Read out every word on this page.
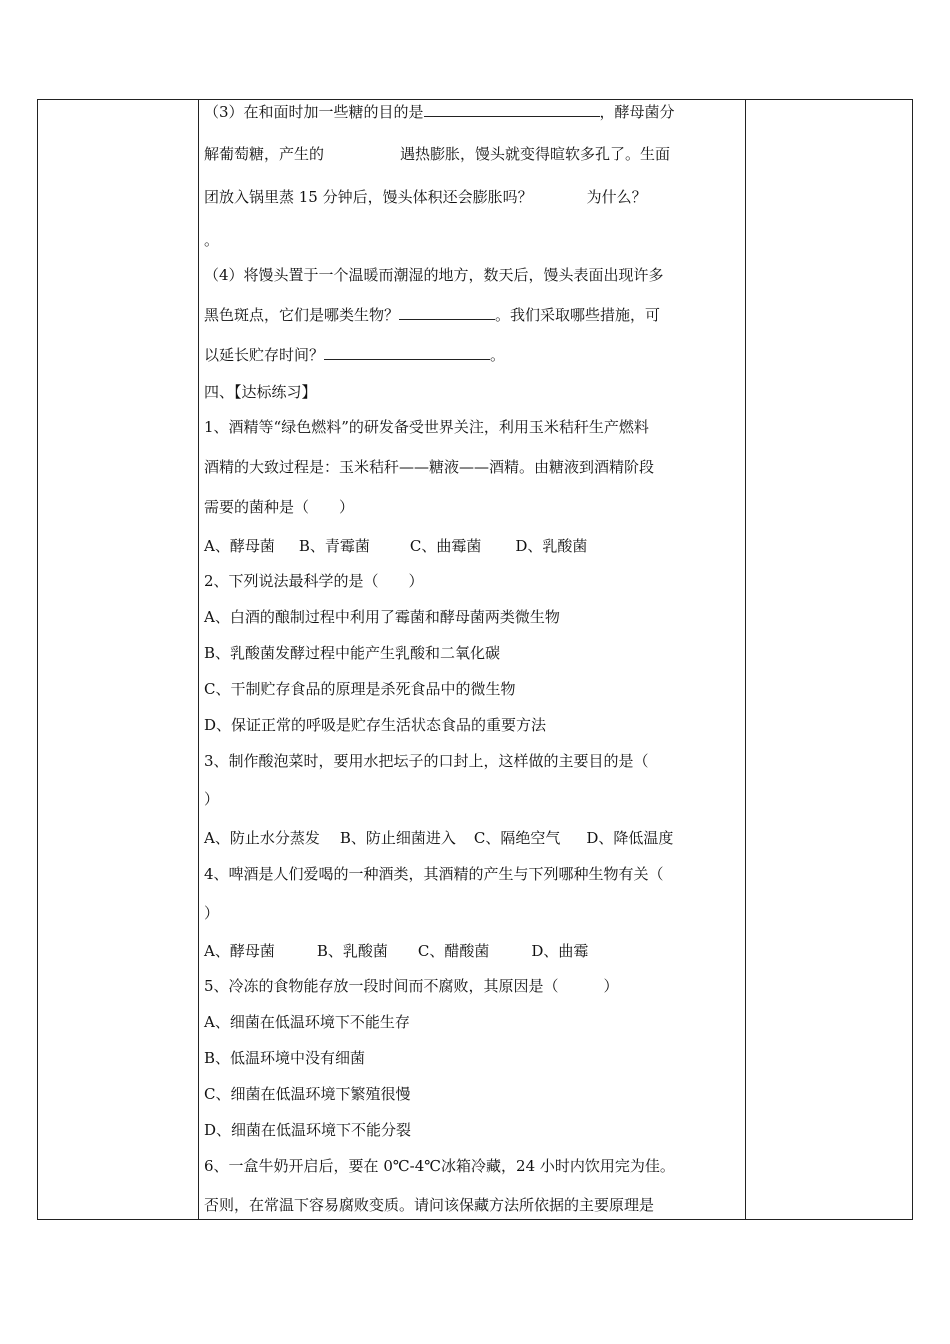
（3）在和面时加一些糖的目的是	，酵母菌分
解葡萄糖，产生的	遇热膨胀，馒头就变得暄软多孔了。生面
团放入锅里蒸 15 分钟后，馒头体积还会膨胀吗？	为什么？
。
（4）将馒头置于一个温暖而潮湿的地方，数天后，馒头表面出现许多
黑色斑点，它们是哪类生物？	。我们采取哪些措施，可
以延长贮存时间？	。
四、【达标练习】
1、酒精等“绿色燃料”的研发备受世界关注，利用玉米秸秆生产燃料
酒精的大致过程是：玉米秸秆——糖液——酒精。由糖液到酒精阶段
需要的菌种是（　　）
A、酵母菌 B、青霉菌	C、曲霉菌 D、乳酸菌
2、下列说法最科学的是（　　）
A、白酒的酿制过程中利用了霉菌和酵母菌两类微生物
B、乳酸菌发酵过程中能产生乳酸和二氧化碳
C、干制贮存食品的原理是杀死食品中的微生物
D、保证正常的呼吸是贮存生活状态食品的重要方法
3、制作酸泡菜时，要用水把坛子的口封上，这样做的主要目的是（
）
A、防止水分蒸发 B、防止细菌进入 C、隔绝空气 D、降低温度
4、啤酒是人们爱喝的一种酒类，其酒精的产生与下列哪种生物有关（
）
A、酵母菌	B、乳酸菌 C、醋酸菌	D、曲霉
5、冷冻的食物能存放一段时间而不腐败，其原因是（　　　）
A、细菌在低温环境下不能生存
B、低温环境中没有细菌
C、细菌在低温环境下繁殖很慢
D、细菌在低温环境下不能分裂
6、一盒牛奶开启后，要在 0℃-4℃冰箱冷藏，24 小时内饮用完为佳。
否则，在常温下容易腐败变质。请问该保藏方法所依据的主要原理是
